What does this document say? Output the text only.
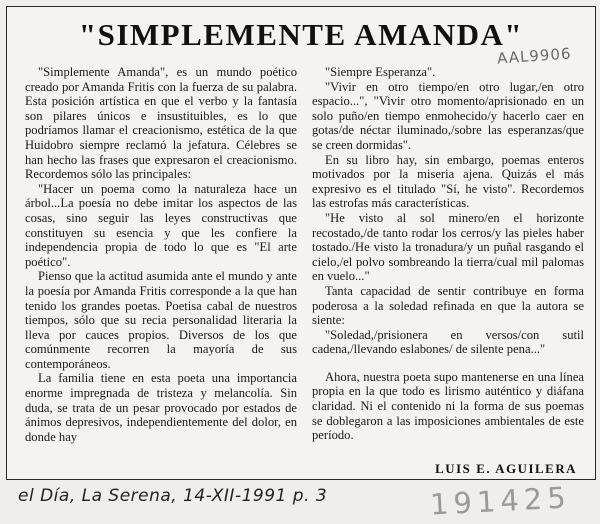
"SIMPLEMENTE AMANDA"
AAL9906

"Simplemente Amanda", es un mundo poético creado por Amanda Fritis con la fuerza de su palabra. Esta posición artística en que el verbo y la fantasía son pilares únicos e insustituibles, es lo que podríamos llamar el creacionismo, estética de la que Huidobro siempre reclamó la jefatura. Célebres se han hecho las frases que expresaron el creacionismo. Recordemos sólo las principales:

"Hacer un poema como la naturaleza hace un árbol...La poesía no debe imitar los aspectos de las cosas, sino seguir las leyes constructivas que constituyen su esencia y que les confiere la independencia propia de todo lo que es "El arte poético".

Pienso que la actitud asumida ante el mundo y ante la poesía por Amanda Fritis corresponde a la que han tenido los grandes poetas. Poetisa cabal de nuestros tiempos, sólo que su recia personalidad literaria la lleva por cauces propios. Diversos de los que comúnmente recorren la mayoría de sus contemporáneos.

La familia tiene en esta poeta una importancia enorme impregnada de tristeza y melancolía. Sin duda, se trata de un pesar provocado por estados de ánimos depresivos, independientemente del dolor, en donde hay

"Siempre Esperanza".

"Vivir en otro tiempo/en otro lugar,/en otro espacio...", "Vivir otro momento/aprisionado en un solo puño/en tiempo enmohecido/y hacerlo caer en gotas/de néctar iluminado,/sobre las esperanzas/que se creen dormidas".

En su libro hay, sin embargo, poemas enteros motivados por la miseria ajena. Quizás el más expresivo es el titulado "Sí, he visto". Recordemos las estrofas más características.

"He visto al sol minero/en el horizonte recostado,/de tanto rodar los cerros/y las pieles haber tostado./He visto la tronadura/y un puñal rasgando el cielo,/el polvo sombreando la tierra/cual mil palomas en vuelo..."

Tanta capacidad de sentir contribuye en forma poderosa a la soledad refinada en que la autora se siente:

"Soledad,/prisionera en versos/con sutil cadena,/llevando eslabones/ de silente pena..."

Ahora, nuestra poeta supo mantenerse en una línea propia en la que todo es lirismo auténtico y diáfana claridad. Ni el contenido ni la forma de sus poemas se doblegaron a las imposiciones ambientales de este período.

LUIS E. AGUILERA
el Día, La Serena, 14-XII-1991 p. 3	191425
